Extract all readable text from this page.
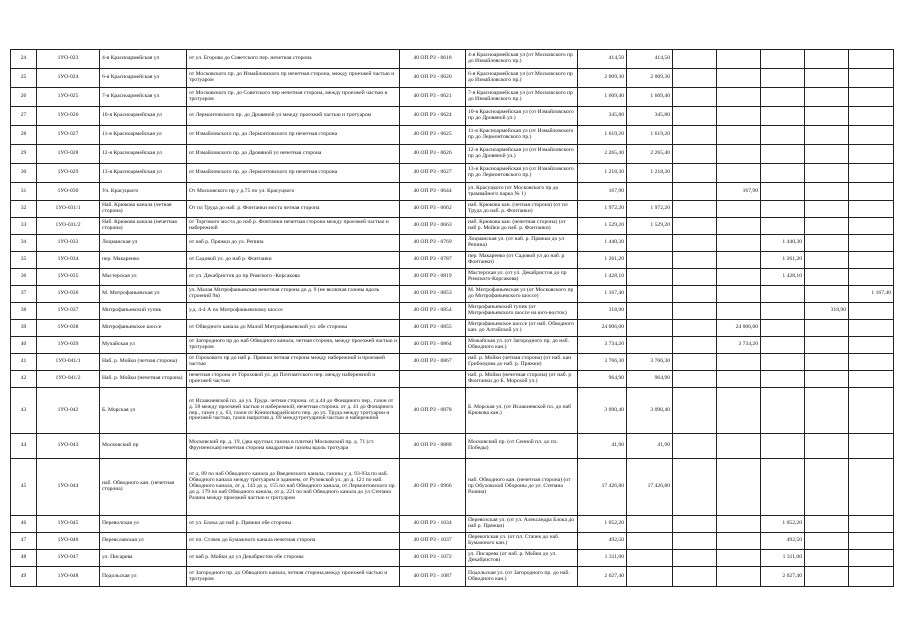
24	1УО-023	4-я Красноармейская ул	от ул. Егорова до Советского пер. нечетная сторона	40 ОП РЗ - 0618	4-я Красноармейская ул (от Московского пр до Измайловского пр.)	414,50	414,50					
25	1УО-024	6-я Красноармейская ул	от Московского пр. до Измайловского пр нечетная сторона, между проезжей частью и тротуаром	40 ОП РЗ - 0620	6-я Красноармейская ул (от Московского пр до Измайловского пр.)	2 009,30	2 009,30					
26	1УО-025	7-я Красноармейская ул	от Московского пр. до Советского пер нечетная сторона, между проезжей частью и тротуаром	40 ОП РЗ - 0621	7-я Красноармейская ул (от Московского пр до Измайловского пр.)	1 609,40	1 609,40					
27	1УО-026	10-я Красноармейская ул	от Лермонтовского пр. до Дровяной ул между проезжей частью и тротуаром	40 ОП РЗ - 0624	10-я Красноармейская ул (от Измайловского пр до Дровяной ул.)	345,80	345,80					
28	1УО-027	11-я Красноармейская ул	от Измайловского пр. до Лермонтовского пр нечетная сторона	40 ОП РЗ - 0625	11-я Красноармейская ул (от Измайловского пр до Лермонтовского пр.)	1 619,20	1 619,20					
29	1УО-028	12-я Красноармейская ул	от Измайловского пр. до Дровяной ул нечетная сторона	40 ОП РЗ - 0626	12-я Красноармейская ул (от Измайловского пр до Дровяной ул.)	2 265,40	2 265,40					
30	1УО-029	13-я Красноармейская ул	от Измайловского пр. до Лермонтовского пр нечетная сторона	40 ОП РЗ - 0627	13-я Красноармейская ул (от Измайловского пр до Лермонтовского пр.)	1 218,30	1 218,30					
31	1УО-030	Ул. Красуцкого	От Московского пр у д.75 по ул. Красуцкого	40 ОП РЗ - 0644	ул. Красуцкого (от Московского пр до трамвайного парка № 1)	167,90			167,90			
32	1УО-031/1	Наб. Крюкова канала (четная сторона)	От пл Труда до наб. р. Фонтанки моста четная сторона	40 ОП РЗ - 0662	наб. Крюкова кан. (четная сторона) (от пл Труда до наб. р. Фонтанки)	1 972,20	1 972,20					
33	1УО-031/2	Наб. Крюкова канала (нечетная сторона)	от Торгового моста до наб р. Фонтанки нечетная сторона между проезжей частью и набережной	40 ОП РЗ - 0663	наб. Крюкова кан. (нечетная сторона) (от наб р. Мойки до наб. р. Фонтанки)	1 529,20	1 529,20					
34	1УО-033	Лоцманская ул	от наб р. Пряжки до ул. Репина	40 ОП РЗ - 0769	Лоцманская ул. (от наб. р. Пряжки до ул Репина)	1 440,30				1 440,30		
35	1УО-034	пер. Макаренко	от Садовой ул. до наб р. Фонтанки	40 ОП РЗ - 0787	пер. Макаренко (от Садовой ул до наб. р Фонтанки)	1 261,20				1 261,20		
36	1УО-035	Мастерская ул	от ул. Декабристов до пр Римского -Корсакова	40 ОП РЗ - 0819	Мастерская ул. (от ул. Декабристов до пр Римского-Корсакова)	1 428,10				1 428,10		
37	1УО-036	М. Митрофаньевская ул	ул. Малая Митрофаньевская нечетная сторона до д. 9 (не включая газоны вдоль строений 9в)	40 ОП РЗ - 0853	М. Митрофаньевская ул (от Московского пр до Митрофаньевского шоссе)	1 167,40						1 167,40
38	1УО-037	Митрофаньевский тупик	у.д. 4-4 А по Митрофаньевскому шоссе	40 ОП РЗ - 0854	Митрофаньевский тупик (от Митрофаньевского шоссе на юго-восток)	318,90					318,90	
39	1УО-038	Митрофаньевское шоссе	от Обводного канала до Малой Митрофаньевской ул. обе стороны	40 ОП РЗ - 0855	Митрофаньевское шоссе (от наб. Обводного кан. до Алтайской ул.)	24 006,00			24 006,00			
40	1УО-039	Мучайская ул	от Загородного пр до наб Обводного канала, четная сторона, между проезжей частью и тротуаром	40 ОП РЗ - 0864	Можайская ул. (от Загородного пр. до наб. Обводного кан.)	3 734,20			3 734,20			
41	1УО-041/1	Наб. р. Мойки (четная сторона)	от Горохового пр до наб р. Пряжки четная сторона между набережной и проезжей частью	40 ОП РЗ - 0867	наб. р. Мойки (четная сторона) (от наб. кан Грибоедова до наб. р. Пряжки)	3 766,30	3 766,30					
42	1УО-041/2	Наб. р. Мойки (нечетная сторона)	нечетная сторона от Гороховой ул. до Почтамтского пер. между набережной и проезжей частью		наб. р. Мойки (нечетная сторона) (от наб. р Фонтанки до Б. Морской ул.)	964,90	964,90					
43	1УО-042	Б. Морская ул	от Исаакиевской пл. до ул. Труда. четная сторона. от д.44 до Фонарного пер., газон от д. 58 между проезжей частью и набережной, нечетная сторона. от д. 41 до Фонарного пер., газон у д. 63, газон от Конногвардейского пер. до ул. Труда между тротуаром и проезжей частью, газон напротив д. 69 междутротуарной частью и набережной	40 ОП РЗ - 0878	Б. Морская ул. (от Исаакиевской пл. до наб Крюкова кан.)	3 090,40	3 090,40					
44	1УО-043	Московский пр	Московский пр. д. 19, (два круглых газона в плитке) Московский пр. д. 71 (ст. Фрунзенская) нечетная сторона квадратные газоны вдоль тротуара	40 ОП РЗ - 0888	Московский пр. (от Сенной пл. до пл. Победы)	41,90	41,90					
45	1УО-044	наб. Обводного кан. (нечетная сторона)	от д. 89 по наб Обводного канала до Введенского канала, газоны у д. 93-93а по наб. Обводного канала между тротуаром и зданием, от Рузовской ул. до д. 121 по наб. Обводного канала, от д. 143 до д. 155 по наб Обводного канала, от Лермонтовского пр. до д. 179 по наб Обводного канала, от д. 221 по наб Обводного канала до ул Степана Разина между проезжей частью и тротуаром	40 ОП РЗ - 0966	наб. Обводного кан. (нечетная сторона) (от пр Обуховской Обороны до ул. Степана Разина)	17 426,80	17 426,80					
46	1УО-045	Переволская ул	от ул. Блока до наб р. Пряжки обе стороны	40 ОП РЗ - 1034	Перевозская ул. (от ул. Александра Блока до наб р. Пряжки)	1 052,20				1 052,20		
47	1УО-046	Переяславская ул	от пл. Стачек до Бумажного канала нечетная сторона	40 ОП РЗ - 1037	Перекопская ул. (от пл. Стачек до наб. Бумажного кан.)	492,50				492,50		
48	1УО-047	ул. Писарева	от наб р. Мойки до ул Декабристов обе стороны	40 ОП РЗ - 1072	ул. Писарева (от наб. р. Мойки до ул. Декабристов)	1 311,00				1 311,00		
49	1УО-048	Подольская ул	от Загородного пр. до Обводного канала, четная сторона,между проезжей частью и тротуаром	40 ОП РЗ - 1087	Подольская ул. (от Загородного пр. до наб. Обводного кан.)	2 027,40				2 027,40		
